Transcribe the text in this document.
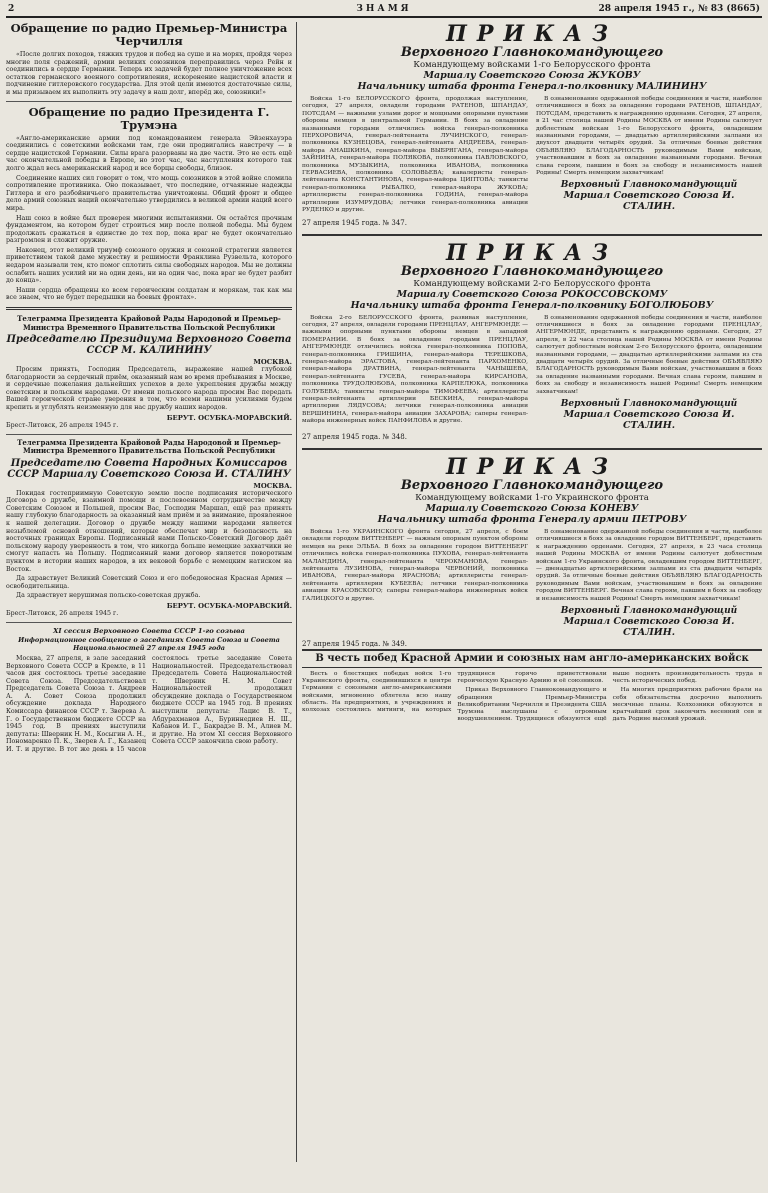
2	ЗНАМЯ	28 апреля 1945 г., № 83 (8665)
Обращение по радио Премьер-Министра Черчилля

«После долгих походов, тяжких трудов и побед на суше и на морях, пройдя через многие поля сражений, армии великих союзников переправились через Рейн и соединились в сердце Германии. Теперь их задачей будет полное уничтожение всех остатков германского военного сопротивления, искоренение нацистской власти и подчинение гитлеровского государства. Для этой цели имеются достаточные силы, и мы призываем их выполнить эту задачу в наш долг, вперёд же, союзники!»

Обращение по радио Президента Г. Трумэна

«Англо-американские армии под командованием генерала Эйзенхауэра соединились с советскими войсками там, где они продвигались навстречу — в сердце нацистской Германии. Силы врага разорваны на две части. Это не есть ещё час окончательной победы в Европе, но этот час, час наступления которого так долго ждал весь американский народ и все борцы свободы, близок.

Соединение наших сил говорит о том, что мощь союзников в этой войне сломила сопротивление противника. Оно показывает, что последние, отчаянные надежды Гитлера и его разбойничьего правительства уничтожены. Общий фронт и общее дело армий союзных наций окончательно утвердились в великой армии наций всего мира.

Наш союз в войне был проверен многими испытаниями. Он остаётся прочным фундаментом, на котором будет строиться мир после полной победы. Мы будем продолжать сражаться в единстве до тех пор, пока враг не будет окончательно разгромлен и сложит оружие.

Наконец, этот великий триумф союзного оружия и союзной стратегии является приветствием такой даме мужеству и решимости Франклина Рузвельта, которого недаром называли тем, кто помог сплотить силы свободных народов. Мы не должны ослабить наших усилий ни на один день, ни на один час, пока враг не будет разбит до конца».

Наши сердца обращены ко всем героическим солдатам и морякам, так как мы все знаем, что не будет передышки на боевых фронтах».

Телеграмма Президента Крайовой Рады Народовой и Премьер-Министра Временного Правительства Польской Республики
Председателю Президиума Верховного Совета СССР М. КАЛИНИНУ
МОСКВА.

Просим принять, Господин Председатель, выражение нашей глубокой благодарности за сердечный приём, оказанный нам во время пребывания в Москве, и сердечные пожелания дальнейших успехов в деле укрепления дружбы между советским и польским народами. От имени польского народа просим Вас передать Вашей героической стране уверения в том, что всеми нашими усилиями будем крепить и углублять неизменную для нас дружбу наших народов.

БЕРУТ. ОСУБКА-МОРАВСКИЙ.
Брест-Литовск, 26 апреля 1945 г.
Телеграмма Президента Крайовой Рады Народовой и Премьер-Министра Временного Правительства Польской Республики
Председателю Совета Народных Комиссаров СССР Маршалу Советского Союза И. СТАЛИНУ
МОСКВА.

Покидая гостеприимную Советскую землю после подписания исторического Договора о дружбе, взаимной помощи и послевоенном сотрудничестве между Советским Союзом и Польшей, просим Вас, Господин Маршал, ещё раз принять нашу глубокую благодарность за оказанный нам приём и за внимание, проявленное к нашей делегации. Договор о дружбе между нашими народами является незыблемой основой отношений, которые обеспечат мир и безопасность на восточных границах Европы. Подписанный нами Польско-Советский Договор даёт польскому народу уверенность в том, что никогда больше немецкие захватчики не смогут напасть на Польшу. Подписанный нами договор является поворотным пунктом в истории наших народов, в их вековой борьбе с немецким натиском на Восток.

Да здравствует Великий Советский Союз и его победоносная Красная Армия — освободительница.

Да здравствует нерушимая польско-советская дружба.

БЕРУТ. ОСУБКА-МОРАВСКИЙ.
Брест-Литовск, 26 апреля 1945 г.
XI сессия Верховного Совета СССР 1-го созыва
Информационное сообщение о заседаниях Совета Союза и Совета Национальностей 27 апреля 1945 года

Москва, 27 апреля, в зале заседаний Верховного Совета СССР в Кремле, в 11 часов дня состоялось третье заседание Совета Союза. Председательствовал Председатель Совета Союза т. Андреев А. А. Совет Союза продолжил обсуждение доклада Народного Комиссара финансов СССР т. Зверева А. Г. о Государственном бюджете СССР на 1945 год. В прениях выступили депутаты: Шверник Н. М., Косыгин А. Н., Пономаренко П. К., Зверев А. Г., Казанец И. Т. и другие. В тот же день в 15 часов состоялось третье заседание Совета Национальностей. Председательствовал Председатель Совета Национальностей т. Шверник Н. М. Совет Национальностей продолжил обсуждение доклада о Государственном бюджете СССР на 1945 год. В прениях выступили депутаты: Лацис В. Т., Абдурахманов А., Буриннедиев Н. Ш., Кабанов И. Г., Бакрадзе В. М., Алиев М. и другие. На этом XI сессия Верховного Совета СССР закончила свою работу.

ПРИКАЗ
Верховного Главнокомандующего
Командующему войсками 1-го Белорусского фронта
Маршалу Советского Союза ЖУКОВУ
Начальнику штаба фронта Генерал-полковнику МАЛИНИНУ

Войска 1-го БЕЛОРУССКОГО фронта, продолжая наступление, сегодня, 27 апреля, овладели городами РАТЕНОВ, ШПАНДАУ, ПОТСДАМ — важными узлами дорог и мощными опорными пунктами обороны немцев в центральной Германии. В боях за овладение названными городами отличились войска генерал-полковника ПЕРХОРОВИЧА, генерал-лейтенанта ЛУЧИНСКОГО, генерал-полковника КУЗНЕЦОВА, генерал-лейтенанта АНДРЕЕВА, генерал-майора АНАШКИНА, генерал-майора ВЫБРЯГАНА, генерал-майора ЗАЙНИНА, генерал-майора ПОЛЯКОВА, полковника ПАВЛОВСКОГО, полковника МУЗЫКИНА, полковника ИВАНОВА, полковника ГЕРВАСИЕВА, полковника СОЛОВЬЕВА; кавалеристы генерал-лейтенанта КОНСТАНТИНОВА, генерал-майора ЦИПТОВА; танкисты генерал-полковника РЫБАЛКО, генерал-майора ЖУКОВА; артиллеристы генерал-полковника ГОДИНА, генерал-майора артиллерии ИЗУМРУДОВА; летчики генерал-полковника авиации РУДЕНКО и другие.

В ознаменование одержанной победы соединения и части, наиболее отличившиеся в боях за овладение городами РАТЕНОВ, ШПАНДАУ, ПОТСДАМ, представить к награждению орденами. Сегодня, 27 апреля, в 21 час столица нашей Родины МОСКВА от имени Родины салютует доблестным войскам 1-го Белорусского фронта, овладевшим названными городами, — двадцатью артиллерийскими залпами из двухсот двадцати четырёх орудий. За отличные боевые действия ОБЪЯВЛЯЮ БЛАГОДАРНОСТЬ руководимым Вами войскам, участвовавшим в боях за овладение названными городами. Вечная слава героям, павшим в боях за свободу и независимость нашей Родины! Смерть немецким захватчикам!

Верховный Главнокомандующий
Маршал Советского Союза И. СТАЛИН.
27 апреля 1945 года. № 347.
ПРИКАЗ
Верховного Главнокомандующего
Командующему войсками 2-го Белорусского фронта
Маршалу Советского Союза РОКОССОВСКОМУ
Начальнику штаба фронта Генерал-полковнику БОГОЛЮБОВУ

Войска 2-го БЕЛОРУССКОГО фронта, развивая наступление, сегодня, 27 апреля, овладели городами ПРЕНЦЛАУ, АНГЕРМЮНДЕ — важными опорными пунктами обороны немцев в западной ПОМЕРАНИИ. В боях за овладение городами ПРЕНЦЛАУ, АНГЕРМЮНДЕ отличились войска генерал-полковника ПОПОВА, генерал-полковника ГРИШИНА, генерал-майора ТЕРЕШКОВА, генерал-майора ЭРАСТОВА, генерал-лейтенанта ПАРХОМЕНКО, генерал-майора ДРАТВИНА, генерал-лейтенанта ЧАНЫШЕВА, генерал-лейтенанта ГУСЕВА, генерал-майора КИРСАНОВА, полковника ТРУДОЛЮБОВА, полковника КАРПЕЛЮКА, полковника ГОЛУБЕВА; танкисты генерал-майора ТИМОФЕЕВА; артиллеристы генерал-лейтенанта артиллерии БЕСКИНА, генерал-майора артиллерии ЛЯДУСОВА; летчики генерал-полковника авиации ВЕРШИНИНА, генерал-майора авиации ЗАХАРОВА; саперы генерал-майора инженерных войск ПАНФИЛОВА и другие.

В ознаменование одержанной победы соединения и части, наиболее отличившиеся в боях за овладение городами ПРЕНЦЛАУ, АНГЕРМЮНДЕ, представить к награждению орденами. Сегодня, 27 апреля, в 22 часа столица нашей Родины МОСКВА от имени Родины салютует доблестным войскам 2-го Белорусского фронта, овладевшим названными городами, — двадцатью артиллерийскими залпами из ста двадцати четырёх орудий. За отличные боевые действия ОБЪЯВЛЯЮ БЛАГОДАРНОСТЬ руководимым Вами войскам, участвовавшим в боях за овладение названными городами. Вечная слава героям, павшим в боях за свободу и независимость нашей Родины! Смерть немецким захватчикам!

Верховный Главнокомандующий
Маршал Советского Союза И. СТАЛИН.
27 апреля 1945 года. № 348.
ПРИКАЗ
Верховного Главнокомандующего
Командующему войсками 1-го Украинского фронта
Маршалу Советского Союза КОНЕВУ
Начальнику штаба фронта Генералу армии ПЕТРОВУ

Войска 1-го УКРАИНСКОГО фронта сегодня, 27 апреля, с боем овладели городом ВИТТЕНБЕРГ — важным опорным пунктом обороны немцев на реке ЭЛЬБА. В боях за овладение городом ВИТТЕНБЕРГ отличились войска генерал-полковника ПУХОВА, генерал-лейтенанта МАЛАНДИНА, генерал-лейтенанта ЧЕРОКМАНОВА, генерал-лейтенанта ЛУЗИНОВА, генерал-майора ЧЕРВОНИЙ, полковника ИВАНОВА, генерал-майора ЯРАСНОВА; артиллеристы генерал-лейтенанта артиллерии КУБЕЕВА; летчики генерал-полковника авиации КРАСОВСКОГО; саперы генерал-майора инженерных войск ГАЛИЦКОГО и другие.

В ознаменование одержанной победы соединения и части, наиболее отличившиеся в боях за овладение городом ВИТТЕНБЕРГ, представить к награждению орденами. Сегодня, 27 апреля, в 23 часа столица нашей Родины МОСКВА от имени Родины салютует доблестным войскам 1-го Украинского фронта, овладевшим городом ВИТТЕНБЕРГ, — двенадцатью артиллерийскими залпами из ста двадцати четырёх орудий. За отличные боевые действия ОБЪЯВЛЯЮ БЛАГОДАРНОСТЬ руководимым Вами войскам, участвовавшим в боях за овладение городом ВИТТЕНБЕРГ. Вечная слава героям, павшим в боях за свободу и независимость нашей Родины! Смерть немецким захватчикам!

Верховный Главнокомандующий
Маршал Советского Союза И. СТАЛИН.
27 апреля 1945 года. № 349.
В честь побед Красной Армии и союзных нам англо-американских войск

Весть о блестящих победах войск 1-го Украинского фронта, соединившихся в центре Германии с союзными англо-американскими войсками, мгновенно облетела всю нашу область. На предприятиях, в учреждениях и колхозах состоялись митинги, на которых трудящиеся горячо приветствовали героическую Красную Армию и её союзников.

Приказ Верховного Главнокомандующего и обращения Премьер-Министра Великобритании Черчилля и Президента США Трумэна выслушаны с огромным воодушевлением. Трудящиеся обязуются ещё выше поднять производительность труда в честь исторических побед.

На многих предприятиях рабочие брали на себя обязательства досрочно выполнить месячные планы. Колхозники обязуются в кратчайший срок закончить весенний сев и дать Родине высокий урожай.
